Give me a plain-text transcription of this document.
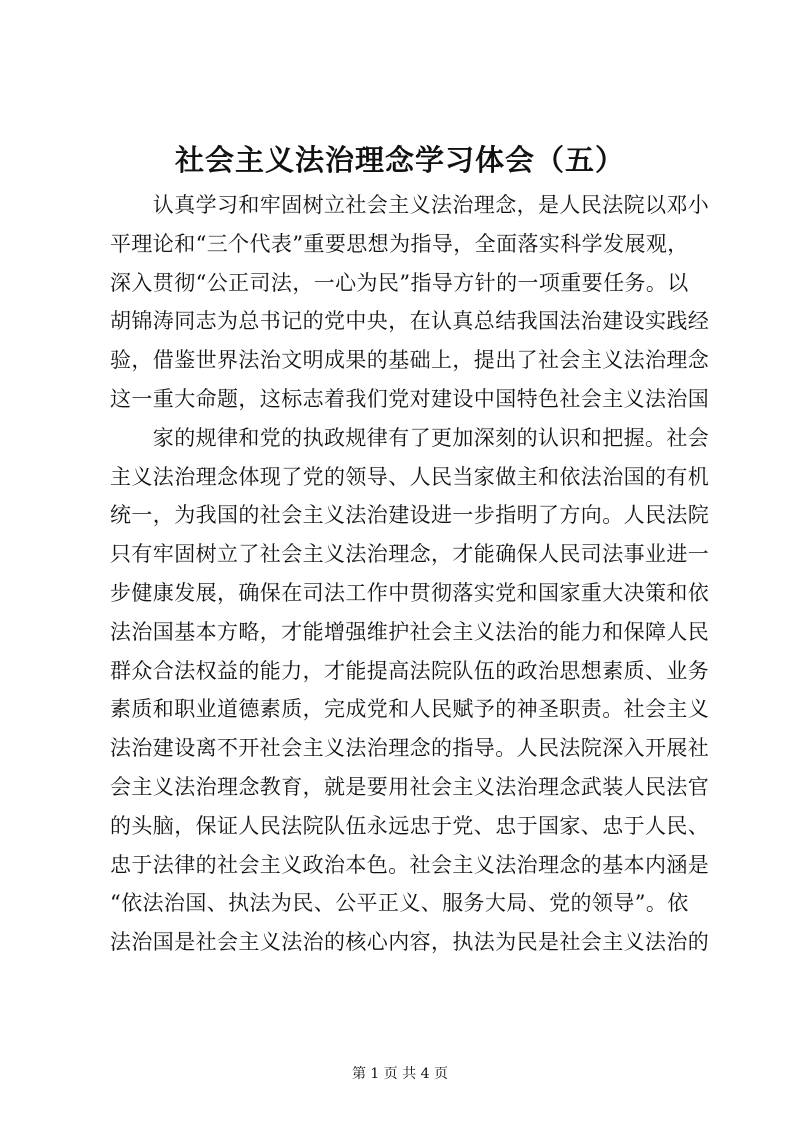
社会主义法治理念学习体会（五）
　　认真学习和牢固树立社会主义法治理念，是人民法院以邓小
平理论和“三个代表”重要思想为指导，全面落实科学发展观，
深入贯彻“公正司法，一心为民”指导方针的一项重要任务。以
胡锦涛同志为总书记的党中央，在认真总结我国法治建设实践经
验，借鉴世界法治文明成果的基础上，提出了社会主义法治理念
这一重大命题，这标志着我们党对建设中国特色社会主义法治国
　　家的规律和党的执政规律有了更加深刻的认识和把握。社会
主义法治理念体现了党的领导、人民当家做主和依法治国的有机
统一，为我国的社会主义法治建设进一步指明了方向。人民法院
只有牢固树立了社会主义法治理念，才能确保人民司法事业进一
步健康发展，确保在司法工作中贯彻落实党和国家重大决策和依
法治国基本方略，才能增强维护社会主义法治的能力和保障人民
群众合法权益的能力，才能提高法院队伍的政治思想素质、业务
素质和职业道德素质，完成党和人民赋予的神圣职责。社会主义
法治建设离不开社会主义法治理念的指导。人民法院深入开展社
会主义法治理念教育，就是要用社会主义法治理念武装人民法官
的头脑，保证人民法院队伍永远忠于党、忠于国家、忠于人民、
忠于法律的社会主义政治本色。社会主义法治理念的基本内涵是
“依法治国、执法为民、公平正义、服务大局、党的领导”。依
法治国是社会主义法治的核心内容，执法为民是社会主义法治的
第 1 页 共 4 页
